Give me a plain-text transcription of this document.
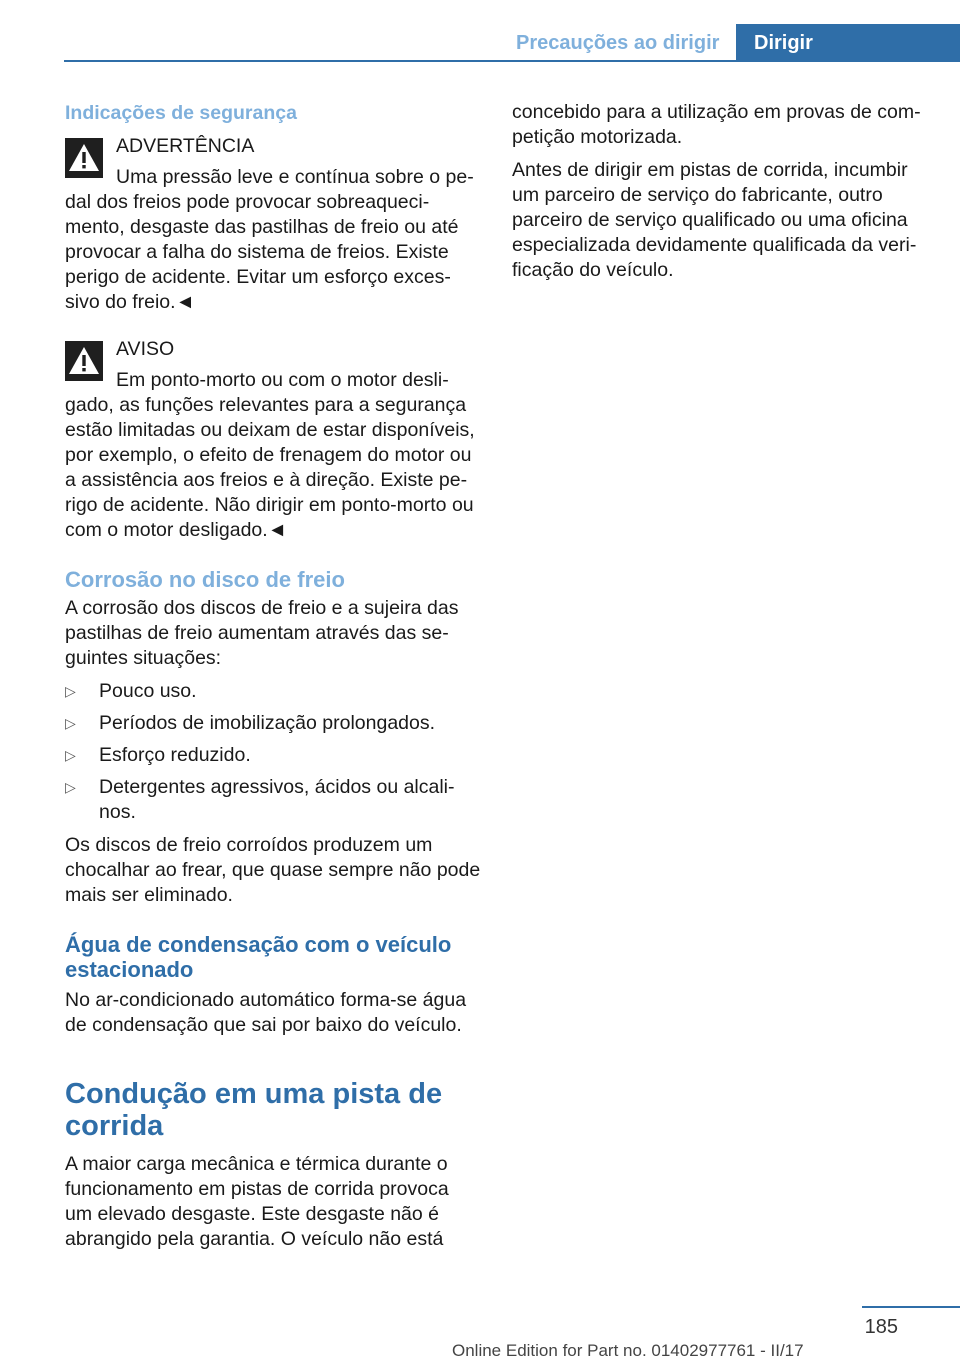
Precauções ao dirigir	Dirigir
Indicações de segurança
ADVERTÊNCIA
Uma pressão leve e contínua sobre o pe-
dal dos freios pode provocar sobreaqueci-mento, desgaste das pastilhas de freio ou até provocar a falha do sistema de freios. Existe perigo de acidente. Evitar um esforço exces-sivo do freio.◄
AVISO
Em ponto-morto ou com o motor desli-
gado, as funções relevantes para a segurança estão limitadas ou deixam de estar disponíveis, por exemplo, o efeito de frenagem do motor ou a assistência aos freios e à direção. Existe pe-rigo de acidente. Não dirigir em ponto-morto ou com o motor desligado.◄
Corrosão no disco de freio

A corrosão dos discos de freio e a sujeira das pastilhas de freio aumentam através das se-guintes situações:

▷ Pouco uso.
▷ Períodos de imobilização prolongados.
▷ Esforço reduzido.
▷ Detergentes agressivos, ácidos ou alcali-nos.

Os discos de freio corroídos produzem um chocalhar ao frear, que quase sempre não pode mais ser eliminado.

Água de condensação com o veículo estacionado

No ar-condicionado automático forma-se água de condensação que sai por baixo do veículo.

Condução em uma pista de corrida

A maior carga mecânica e térmica durante o funcionamento em pistas de corrida provoca um elevado desgaste. Este desgaste não é abrangido pela garantia. O veículo não está

concebido para a utilização em provas de com-petição motorizada.

Antes de dirigir em pistas de corrida, incumbir um parceiro de serviço do fabricante, outro parceiro de serviço qualificado ou uma oficina especializada devidamente qualificada da veri-ficação do veículo.

185
Online Edition for Part no. 01402977761 - II/17
